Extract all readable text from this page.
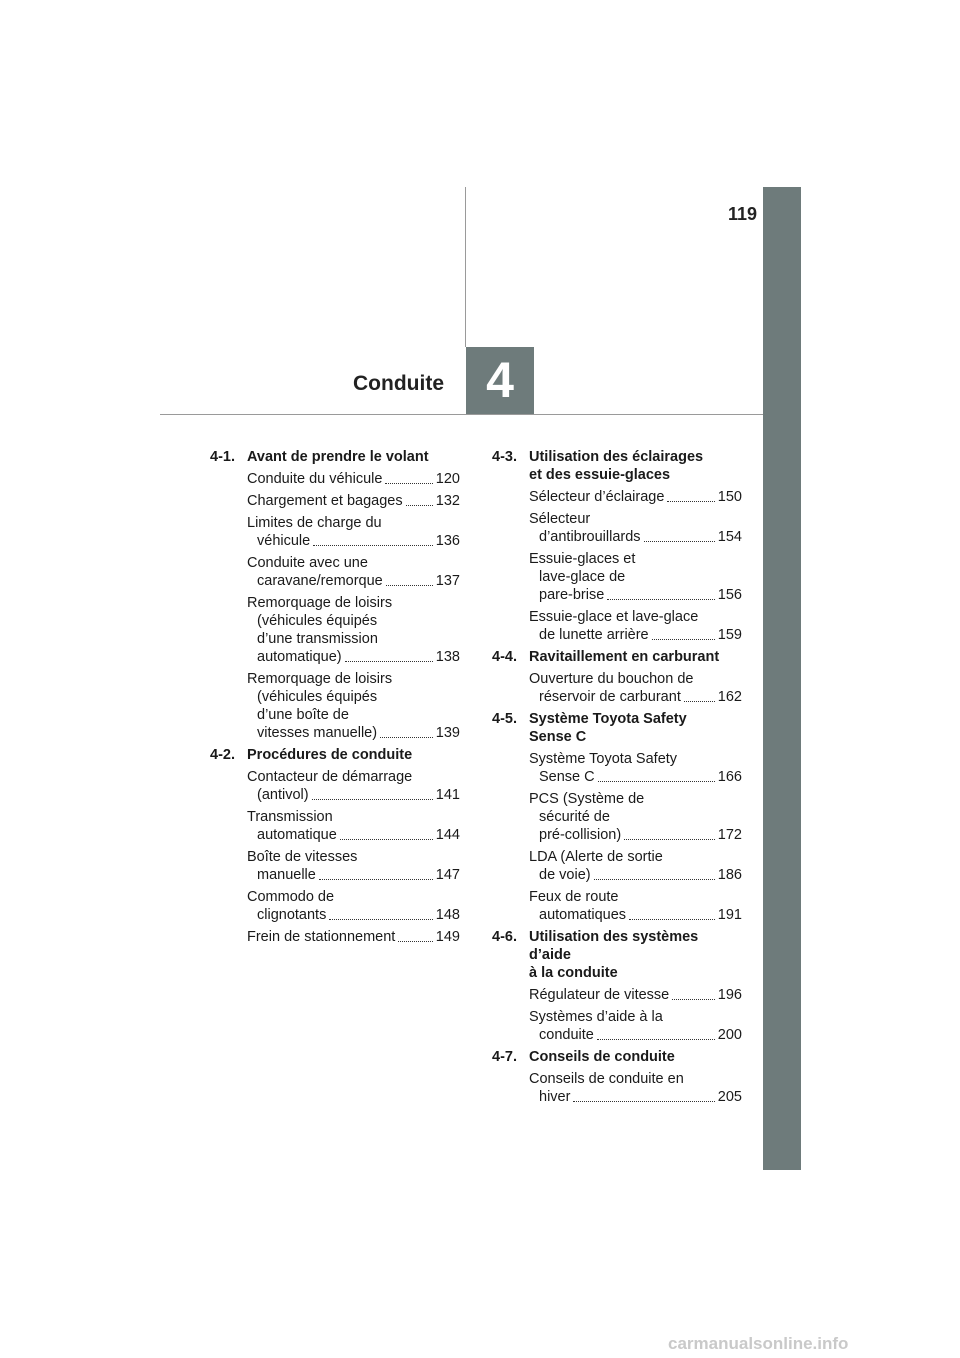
119
Conduite 4
4-1. Avant de prendre le volant
Conduite du véhicule	120
Chargement et bagages 132
Limites de charge du
véhicule	136
Conduite avec une
caravane/remorque	137
Remorquage de loisirs
(véhicules équipés
d’une transmission
automatique)	138
Remorquage de loisirs
(véhicules équipés
d’une boîte de
vitesses manuelle)	139
4-2. Procédures de conduite
Contacteur de démarrage
(antivol)	141
Transmission
automatique	144
Boîte de vitesses
manuelle	147
Commodo de
clignotants	148
Frein de stationnement	149
4-3. Utilisation des éclairages
et des essuie-glaces
Sélecteur d’éclairage	150
Sélecteur
d’antibrouillards	154
Essuie-glaces et
lave-glace de
pare-brise	156
Essuie-glace et lave-glace
de lunette arrière	159
4-4. Ravitaillement en carburant
Ouverture du bouchon de
réservoir de carburant	162
4-5. Système Toyota Safety
Sense C
Système Toyota Safety
Sense C	166
PCS (Système de
sécurité de
pré-collision)	172
LDA (Alerte de sortie
de voie)	186
Feux de route
automatiques	191
4-6. Utilisation des systèmes
d’aide
à la conduite
Régulateur de vitesse	196
Systèmes d’aide à la
conduite	200
4-7. Conseils de conduite
Conseils de conduite en
hiver	205
carmanualsonline.info
